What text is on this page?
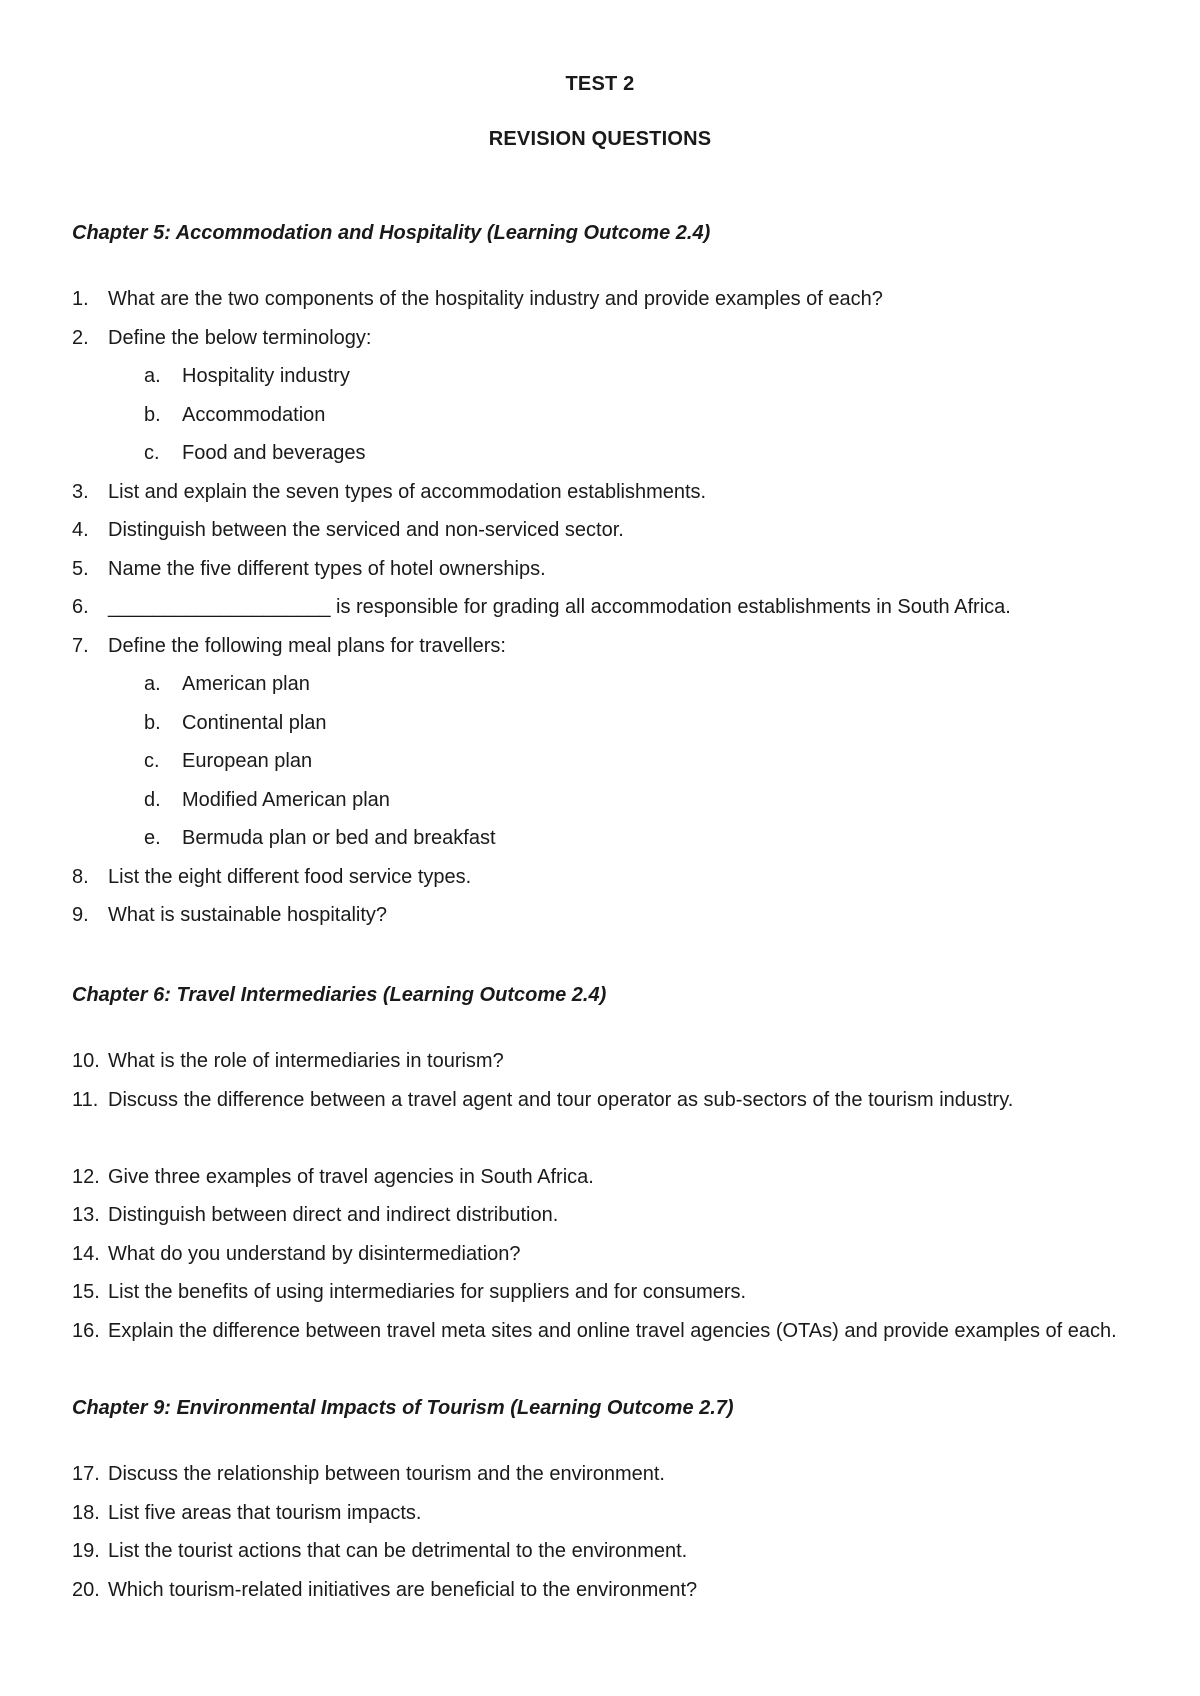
TEST 2
REVISION QUESTIONS
Chapter 5: Accommodation and Hospitality (Learning Outcome 2.4)
1. What are the two components of the hospitality industry and provide examples of each?
2. Define the below terminology:
a.	Hospitality industry
b.	Accommodation
c.	Food and beverages
3. List and explain the seven types of accommodation establishments.
4. Distinguish between the serviced and non-serviced sector.
5. Name the five different types of hotel ownerships.
6. ____________________ is responsible for grading all accommodation establishments in South Africa.
7. Define the following meal plans for travellers:
a.	American plan
b.	Continental plan
c.	European plan
d.	Modified American plan
e.	Bermuda plan or bed and breakfast
8. List the eight different food service types.
9. What is sustainable hospitality?
Chapter 6: Travel Intermediaries (Learning Outcome 2.4)
10. What is the role of intermediaries in tourism?
11. Discuss the difference between a travel agent and tour operator as sub-sectors of the tourism industry.
12. Give three examples of travel agencies in South Africa.
13. Distinguish between direct and indirect distribution.
14. What do you understand by disintermediation?
15. List the benefits of using intermediaries for suppliers and for consumers.
16. Explain the difference between travel meta sites and online travel agencies (OTAs) and provide examples of each.
Chapter 9: Environmental Impacts of Tourism (Learning Outcome 2.7)
17. Discuss the relationship between tourism and the environment.
18. List five areas that tourism impacts.
19. List the tourist actions that can be detrimental to the environment.
20. Which tourism-related initiatives are beneficial to the environment?
